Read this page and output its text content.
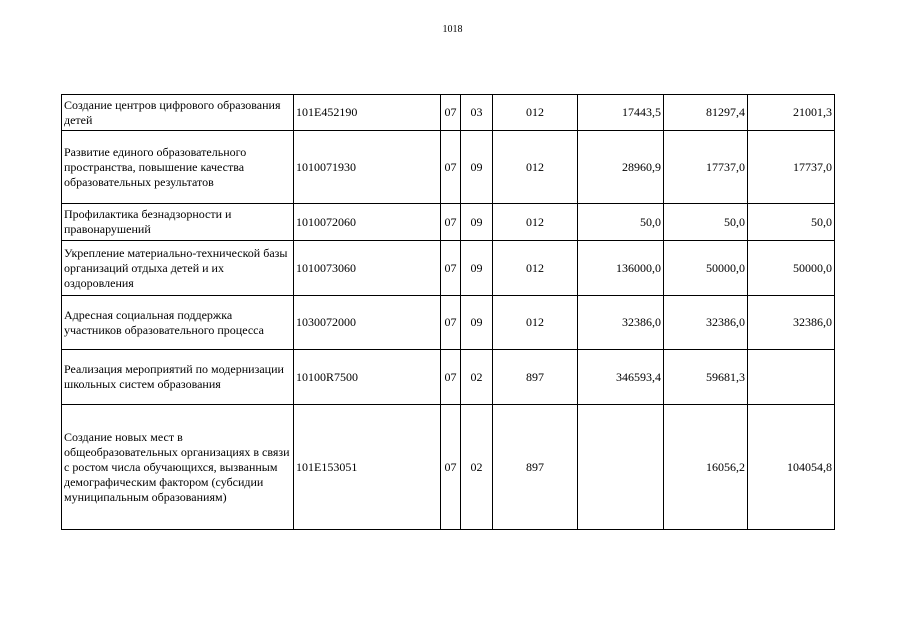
1018
Создание центров цифрового образования детей	101E452190	07	03	012	17443,5	81297,4	21001,3
Развитие единого образовательного пространства, повышение качества образовательных результатов	1010071930	07	09	012	28960,9	17737,0	17737,0
Профилактика безнадзорности и правонарушений	1010072060	07	09	012	50,0	50,0	50,0
Укрепление материально-технической базы организаций отдыха детей и их оздоровления	1010073060	07	09	012	136000,0	50000,0	50000,0
Адресная социальная поддержка участников образовательного процесса	1030072000	07	09	012	32386,0	32386,0	32386,0
Реализация мероприятий по модернизации школьных систем образования	10100R7500	07	02	897	346593,4	59681,3	
Создание новых мест в общеобразовательных организациях в связи с ростом числа обучающихся, вызванным демографическим фактором (субсидии муниципальным образованиям)	101E153051	07	02	897		16056,2	104054,8
